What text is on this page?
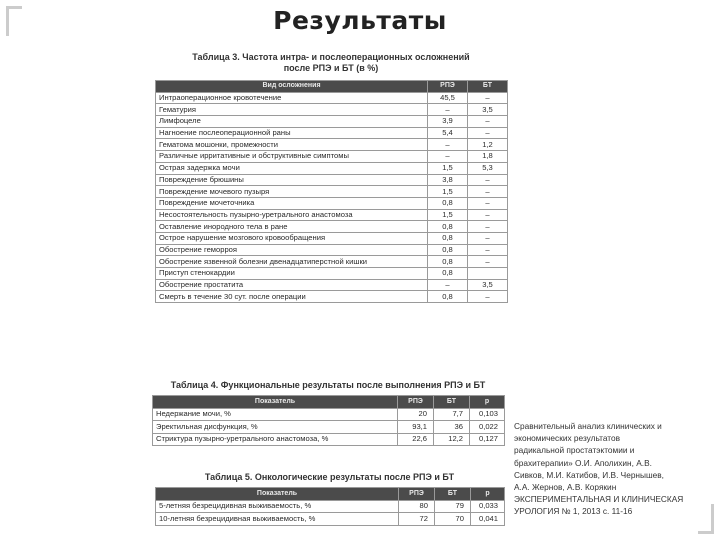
Результаты
Таблица 3. Частота интра- и послеоперационных осложнений
после РПЭ и БТ (в %)
Вид осложнения	РПЭ	БТ
Интраоперационное кровотечение	45,5	–
Гематурия	–	3,5
Лимфоцеле	3,9	–
Нагноение послеоперационной раны	5,4	–
Гематома мошонки, промежности	–	1,2
Различные ирритативные и обструктивные симптомы	–	1,8
Острая задержка мочи	1,5	5,3
Повреждение брюшины	3,8	–
Повреждение мочевого пузыря	1,5	–
Повреждение мочеточника	0,8	–
Несостоятельность пузырно-уретрального анастомоза	1,5	–
Оставление инородного тела в ране	0,8	–
Острое нарушение мозгового кровообращения	0,8	–
Обострение геморроя	0,8	–
Обострение язвенной болезни двенадцатиперстной кишки	0,8	–
Приступ стенокардии	0,8	
Обострение простатита	–	3,5
Смерть в течение 30 сут. после операции	0,8	–
Таблица 4. Функциональные результаты после выполнения РПЭ и БТ
Показатель	РПЭ	БТ	p
Недержание мочи, %	20	7,7	0,103
Эректильная дисфункция, %	93,1	36	0,022
Стриктура пузырно-уретрального анастомоза, %	22,6	12,2	0,127
Таблица 5. Онкологические результаты после РПЭ и БТ
Показатель	РПЭ	БТ	p
5-летняя безрецидивная выживаемость, %	80	79	0,033
10-летняя безрецидивная выживаемость, %	72	70	0,041
Сравнительный анализ клинических и
экономических результатов
радикальной простатэктомии и
брахитерапии» О.И. Аполихин, А.В.
Сивков, М.И. Катибов, И.В. Чернышев,
А.А. Жернов, А.В. Корякин
ЭКСПЕРИМЕНТАЛЬНАЯ И КЛИНИЧЕСКАЯ
УРОЛОГИЯ № 1, 2013 с. 11-16
